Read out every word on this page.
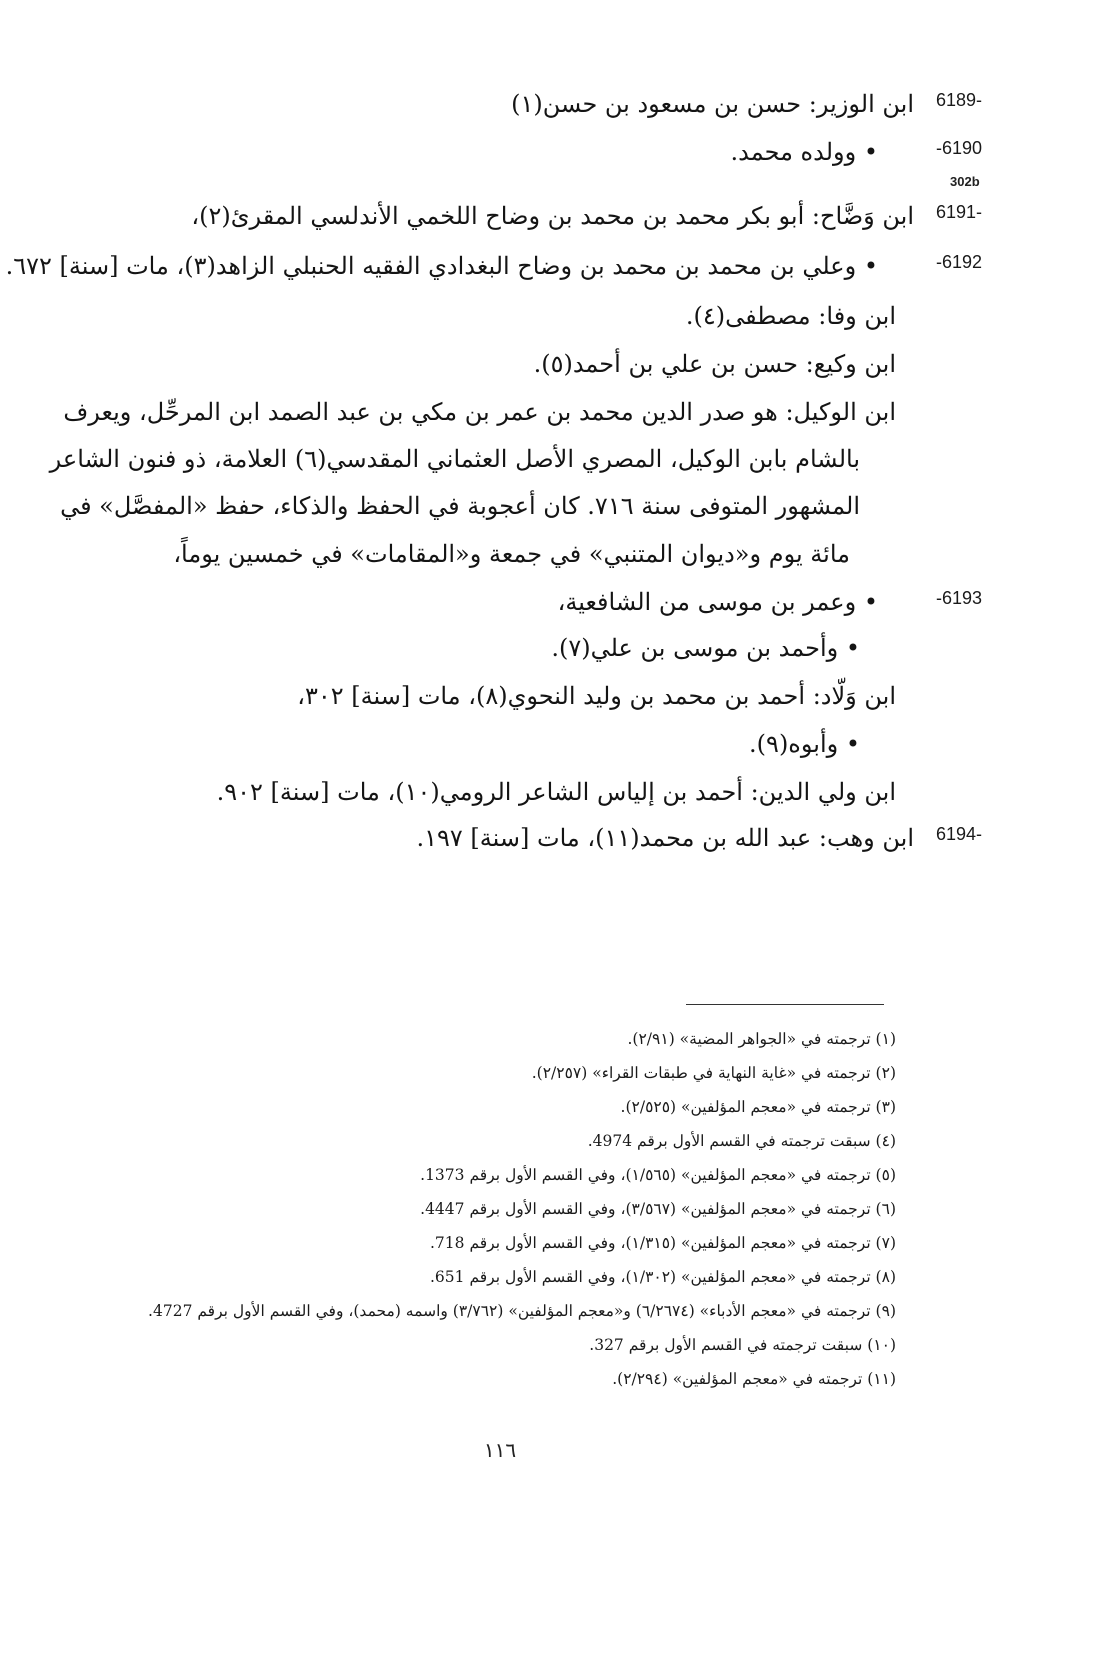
6189-
ابن الوزير: حسن بن مسعود بن حسن(١)
-6190
• وولده محمد.
302b
6191-
ابن وَضَّاح: أبو بكر محمد بن محمد بن وضاح اللخمي الأندلسي المقرئ(٢)،
-6192
• وعلي بن محمد بن محمد بن وضاح البغدادي الفقيه الحنبلي الزاهد(٣)، مات [سنة] ٦٧٢.
ابن وفا: مصطفى(٤).
ابن وكيع: حسن بن علي بن أحمد(٥).
ابن الوكيل: هو صدر الدين محمد بن عمر بن مكي بن عبد الصمد ابن المرحِّل، ويعرف
بالشام بابن الوكيل، المصري الأصل العثماني المقدسي(٦) العلامة، ذو فنون الشاعر
المشهور المتوفى سنة ٧١٦. كان أعجوبة في الحفظ والذكاء، حفظ «المفصَّل» في
مائة يوم و«ديوان المتنبي» في جمعة و«المقامات» في خمسين يوماً،
-6193
• وعمر بن موسى من الشافعية،
• وأحمد بن موسى بن علي(٧).
ابن وَلّاد: أحمد بن محمد بن وليد النحوي(٨)، مات [سنة] ٣٠٢،
• وأبوه(٩).
ابن ولي الدين: أحمد بن إلياس الشاعر الرومي(١٠)، مات [سنة] ٩٠٢.
6194-
ابن وهب: عبد الله بن محمد(١١)، مات [سنة] ١٩٧.
(١) ترجمته في «الجواهر المضية» (٢/٩١).
(٢) ترجمته في «غاية النهاية في طبقات القراء» (٢/٢٥٧).
(٣) ترجمته في «معجم المؤلفين» (٢/٥٢٥).
(٤) سبقت ترجمته في القسم الأول برقم 4974.
(٥) ترجمته في «معجم المؤلفين» (١/٥٦٥)، وفي القسم الأول برقم 1373.
(٦) ترجمته في «معجم المؤلفين» (٣/٥٦٧)، وفي القسم الأول برقم 4447.
(٧) ترجمته في «معجم المؤلفين» (١/٣١٥)، وفي القسم الأول برقم 718.
(٨) ترجمته في «معجم المؤلفين» (١/٣٠٢)، وفي القسم الأول برقم 651.
(٩) ترجمته في «معجم الأدباء» (٦/٢٦٧٤) و«معجم المؤلفين» (٣/٧٦٢) واسمه (محمد)، وفي القسم الأول برقم 4727.
(١٠) سبقت ترجمته في القسم الأول برقم 327.
(١١) ترجمته في «معجم المؤلفين» (٢/٢٩٤).
١١٦
